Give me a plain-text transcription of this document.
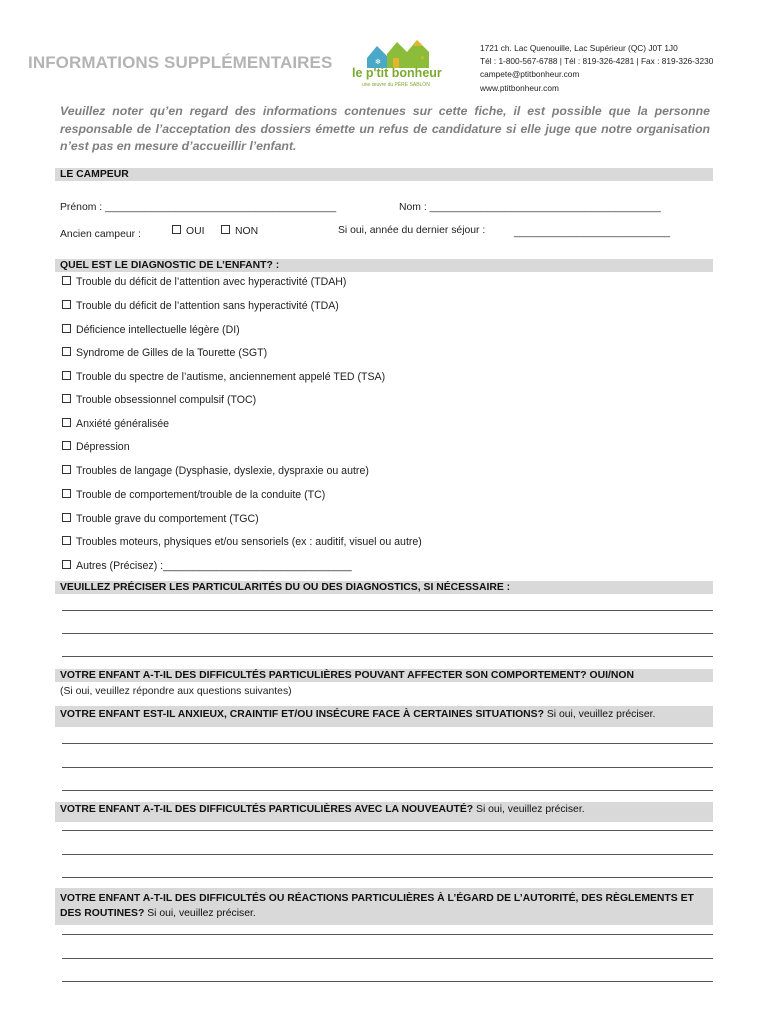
INFORMATIONS SUPPLÉMENTAIRES	✻	✷
le p'tit bonheur
une œuvre du PÈRE SABLON
1721 ch. Lac Quenouille, Lac Supérieur (QC) J0T 1J0
Tél : 1-800-567-6788 | Tél : 819-326-4281 | Fax : 819-326-3230
campete@ptitbonheur.com
www.ptitbonheur.com
Veuillez noter qu’en regard des informations contenues sur cette fiche, il est possible que la personne responsable de l’acceptation des dossiers émette un refus de candidature si elle juge que notre organisation n’est pas en mesure d’accueillir l’enfant.
LE CAMPEUR
Prénom : ________________________________________	Nom : ________________________________________
Ancien campeur :	OUI	NON	Si oui, année du dernier séjour :	___________________________
QUEL EST LE DIAGNOSTIC DE L’ENFANT? :
Trouble du déficit de l’attention avec hyperactivité (TDAH)
Trouble du déficit de l’attention sans hyperactivité (TDA)
Déficience intellectuelle légère (DI)
Syndrome de Gilles de la Tourette (SGT)
Trouble du spectre de l’autisme, anciennement appelé TED (TSA)
Trouble obsessionnel compulsif (TOC)
Anxiété généralisée
Dépression
Troubles de langage (Dysphasie, dyslexie, dyspraxie ou autre)
Trouble de comportement/trouble de la conduite (TC)
Trouble grave du comportement (TGC)
Troubles moteurs, physiques et/ou sensoriels (ex : auditif, visuel ou autre)
Autres (Précisez) :________________________________
VEUILLEZ PRÉCISER LES PARTICULARITÉS DU OU DES DIAGNOSTICS, SI NÉCESSAIRE :
VOTRE ENFANT A-T-IL DES DIFFICULTÉS PARTICULIÈRES POUVANT AFFECTER SON COMPORTEMENT? OUI/NON
(Si oui, veuillez répondre aux questions suivantes)
VOTRE ENFANT EST-IL ANXIEUX, CRAINTIF ET/OU INSÉCURE FACE À CERTAINES SITUATIONS? Si oui, veuillez préciser.
VOTRE ENFANT A-T-IL DES DIFFICULTÉS PARTICULIÈRES AVEC LA NOUVEAUTÉ? Si oui, veuillez préciser.
VOTRE ENFANT A-T-IL DES DIFFICULTÉS OU RÉACTIONS PARTICULIÈRES À L’ÉGARD DE L’AUTORITÉ, DES RÈGLEMENTS ET
DES ROUTINES? Si oui, veuillez préciser.
